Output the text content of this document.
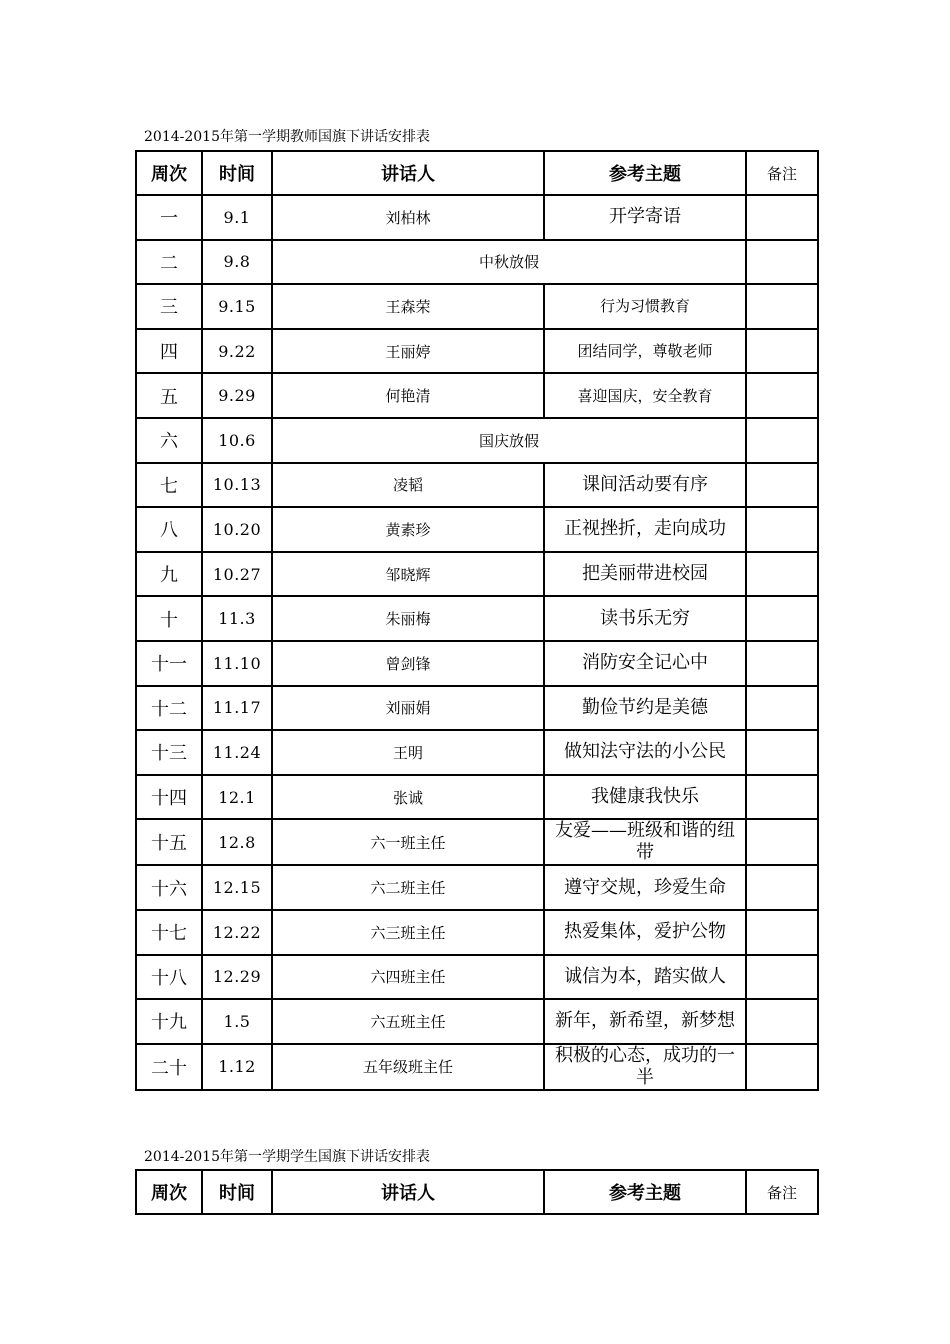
2014-2015年第一学期教师国旗下讲话安排表
周次	时间	讲话人	参考主题	备注
一	9.1	刘柏林	开学寄语	
二	9.8	中秋放假		
三	9.15	王森荣	行为习惯教育	
四	9.22	王丽婷	团结同学，尊敬老师	
五	9.29	何艳清	喜迎国庆，安全教育	
六	10.6	国庆放假		
七	10.13	凌韬	课间活动要有序	
八	10.20	黄素珍	正视挫折，走向成功	
九	10.27	邹晓辉	把美丽带进校园	
十	11.3	朱丽梅	读书乐无穷	
十一	11.10	曾剑锋	消防安全记心中	
十二	11.17	刘丽娟	勤俭节约是美德	
十三	11.24	王明	做知法守法的小公民	
十四	12.1	张诚	我健康我快乐	
十五	12.8	六一班主任	友爱——班级和谐的纽带	
十六	12.15	六二班主任	遵守交规，珍爱生命	
十七	12.22	六三班主任	热爱集体，爱护公物	
十八	12.29	六四班主任	诚信为本，踏实做人	
十九	1.5	六五班主任	新年，新希望，新梦想	
二十	1.12	五年级班主任	积极的心态，成功的一半	
2014-2015年第一学期学生国旗下讲话安排表
周次	时间	讲话人	参考主题	备注
